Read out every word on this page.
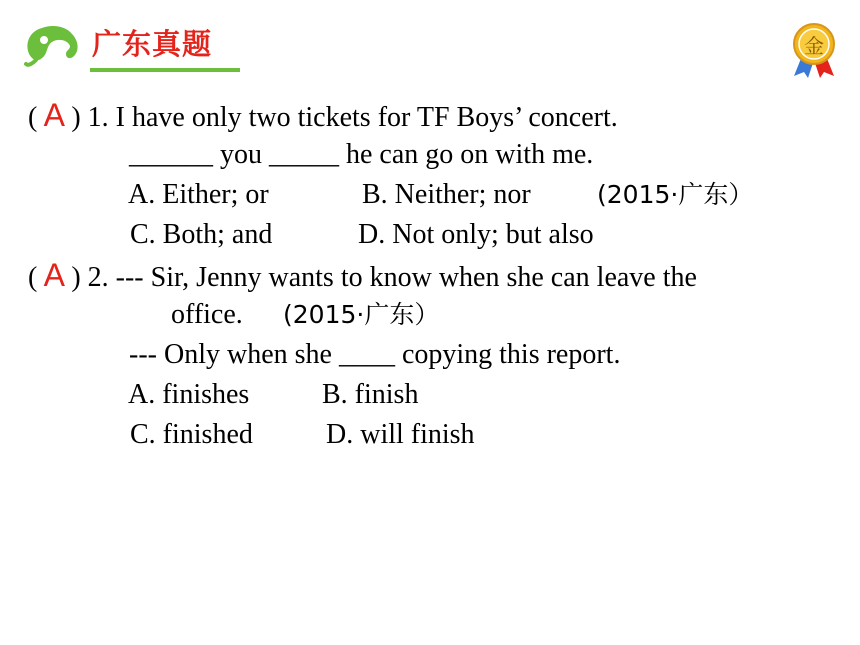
广东真题	金
( A ) 1. I have only two tickets for TF Boys’ concert.
______ you _____ he can go on with me.
A. Either; or	B. Neither; nor	(2015·广东）
C. Both; and	D. Not only; but also
( A ) 2. --- Sir, Jenny wants to know when she can leave the
office. (2015·广东）
--- Only when she ____ copying this report.
A. finishes	B. finish
C. finished	D. will finish
